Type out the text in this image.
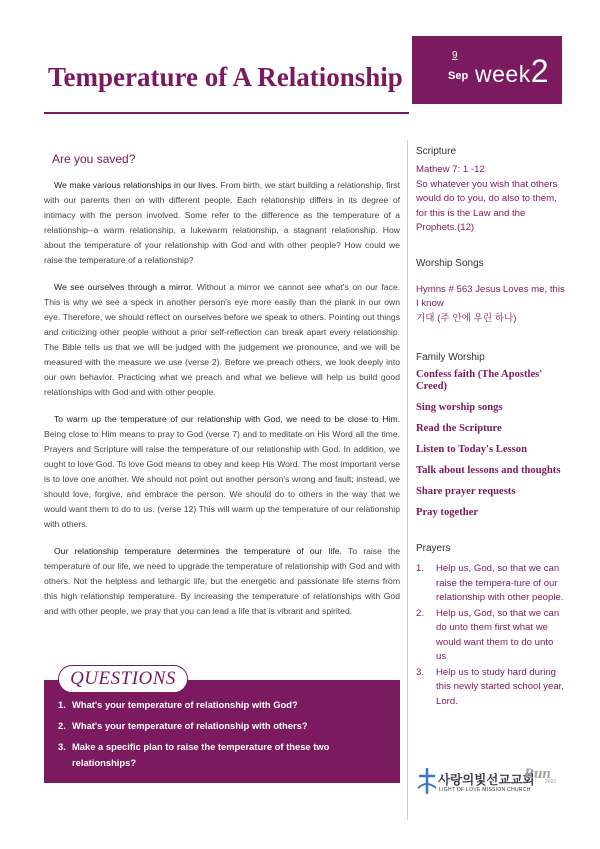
Temperature of A Relationship
9
Sep week2
Are you saved?

We make various relationships in our lives. From birth, we start building a relationship, first with our parents then on with different people. Each relationship differs in its degree of intimacy with the person involved. Some refer to the difference as the temperature of a relationship--a warm relationship, a lukewarm relationship, a stagnant relationship. How about the temperature of your relationship with God and with other people? How could we raise the temperature of a relationship?

We see ourselves through a mirror. Without a mirror we cannot see what's on our face. This is why we see a speck in another person's eye more easily than the plank in our own eye. Therefore, we should reflect on ourselves before we speak to others. Pointing out things and criticizing other people without a prior self-reflection can break apart every relationship. The Bible tells us that we will be judged with the judgement we pronounce, and we will be measured with the measure we use (verse 2). Before we preach others, we look deeply into our own behavior. Practicing what we preach and what we believe will help us build good relationships with God and with other people.

To warm up the temperature of our relationship with God, we need to be close to Him. Being close to Him means to pray to God (verse 7) and to meditate on His Word all the time. Prayers and Scripture will raise the temperature of our relationship with God. In addition, we ought to love God. To love God means to obey and keep His Word. The most important verse is to love one another. We should not point out another person's wrong and fault; instead, we should love, forgive, and embrace the person. We should do to others in the way that we would want them to do to us. (verse 12) This will warm up the temperature of our relationship with others.

Our relationship temperature determines the temperature of our life. To raise the temperature of our life, we need to upgrade the temperature of relationship with God and with others. Not the helpless and lethargic life, but the energetic and passionate life stems from this high relationship temperature. By increasing the temperature of relationships with God and with other people, we pray that you can lead a life that is vibrant and spirited.

QUESTIONS
1. What's your temperature of relationship with God?
2. What's your temperature of relationship with others?
3. Make a specific plan to raise the temperature of these two relationships?
Scripture

Mathew 7: 1 -12

So whatever you wish that others would do to you, do also to them, for this is the Law and the Prophets.(12)

Worship Songs

Hymns # 563 Jesus Loves me, this I know

기대 (주 안에 우린 하나)

Family Worship

Confess faith (The Apostles' Creed)

Sing worship songs

Read the Scripture

Listen to Today's Lesson

Talk about lessons and thoughts

Share prayer requests

Pray together

Prayers
1.	Help us, God, so that we can raise the tempera-ture of our relationship with other people.
2.	Help us, God, so that we can do unto them first what we would want them to do unto us
3.	Help us to study hard during this newly started school year, Lord.
사랑의빛선교교회
LIGHT OF LOVE MISSION CHURCH
Run
2020
